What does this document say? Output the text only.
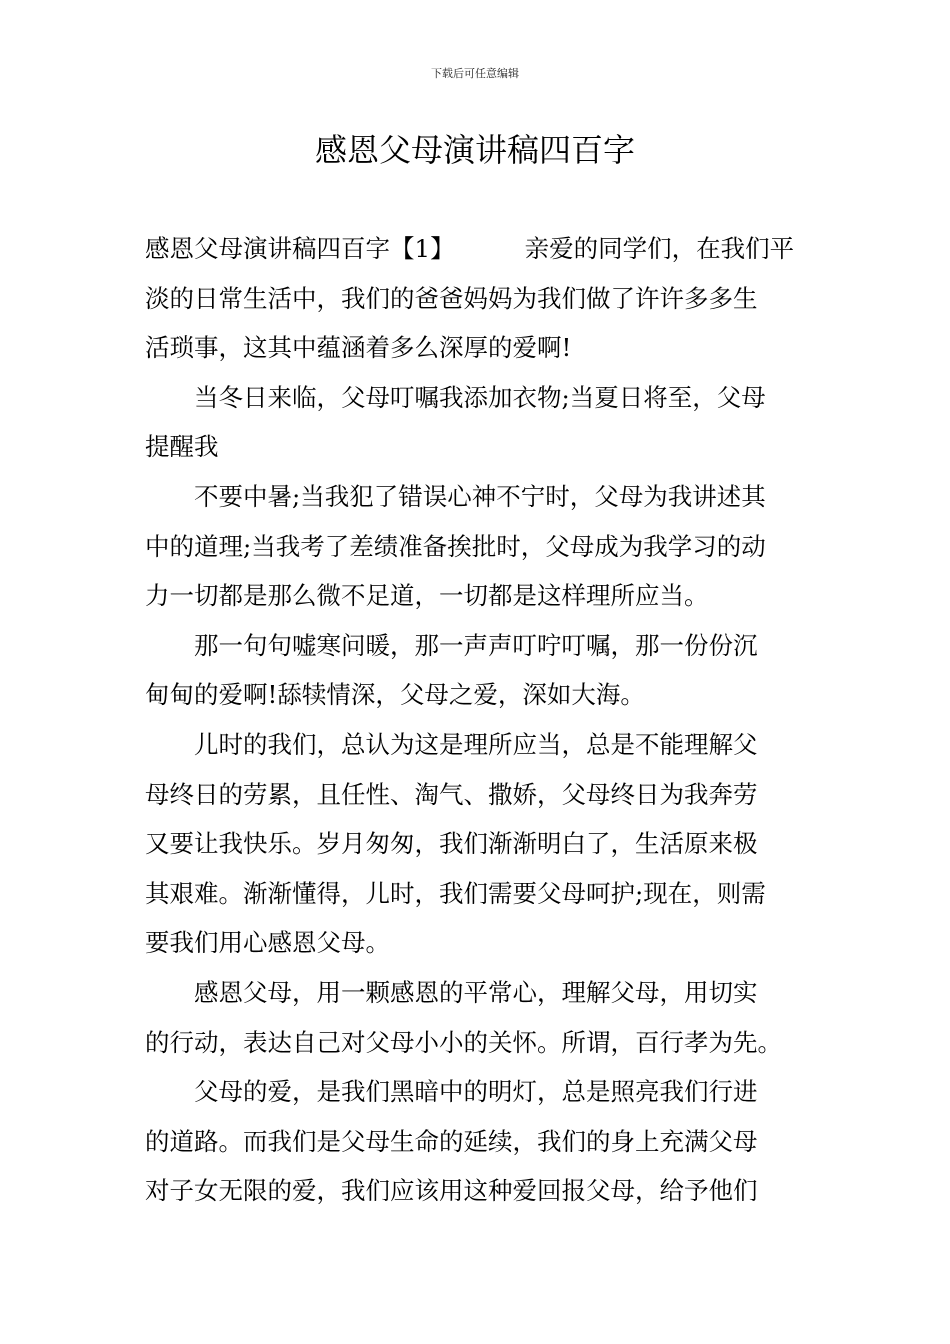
下载后可任意编辑
感恩父母演讲稿四百字

感恩父母演讲稿四百字【1】	亲爱的同学们，在我们平
淡的日常生活中，我们的爸爸妈妈为我们做了许许多多生
活琐事，这其中蕴涵着多么深厚的爱啊!

当冬日来临，父母叮嘱我添加衣物;当夏日将至，父母
提醒我

不要中暑;当我犯了错误心神不宁时，父母为我讲述其
中的道理;当我考了差绩准备挨批时，父母成为我学习的动
力一切都是那么微不足道，一切都是这样理所应当。

那一句句嘘寒问暖，那一声声叮咛叮嘱，那一份份沉
甸甸的爱啊!舔犊情深，父母之爱，深如大海。

儿时的我们，总认为这是理所应当，总是不能理解父
母终日的劳累，且任性、淘气、撒娇，父母终日为我奔劳
又要让我快乐。岁月匆匆，我们渐渐明白了，生活原来极
其艰难。渐渐懂得，儿时，我们需要父母呵护;现在，则需
要我们用心感恩父母。

感恩父母，用一颗感恩的平常心，理解父母，用切实
的行动，表达自己对父母小小的关怀。所谓，百行孝为先。

父母的爱，是我们黑暗中的明灯，总是照亮我们行进
的道路。而我们是父母生命的延续，我们的身上充满父母
对子女无限的爱，我们应该用这种爱回报父母，给予他们
